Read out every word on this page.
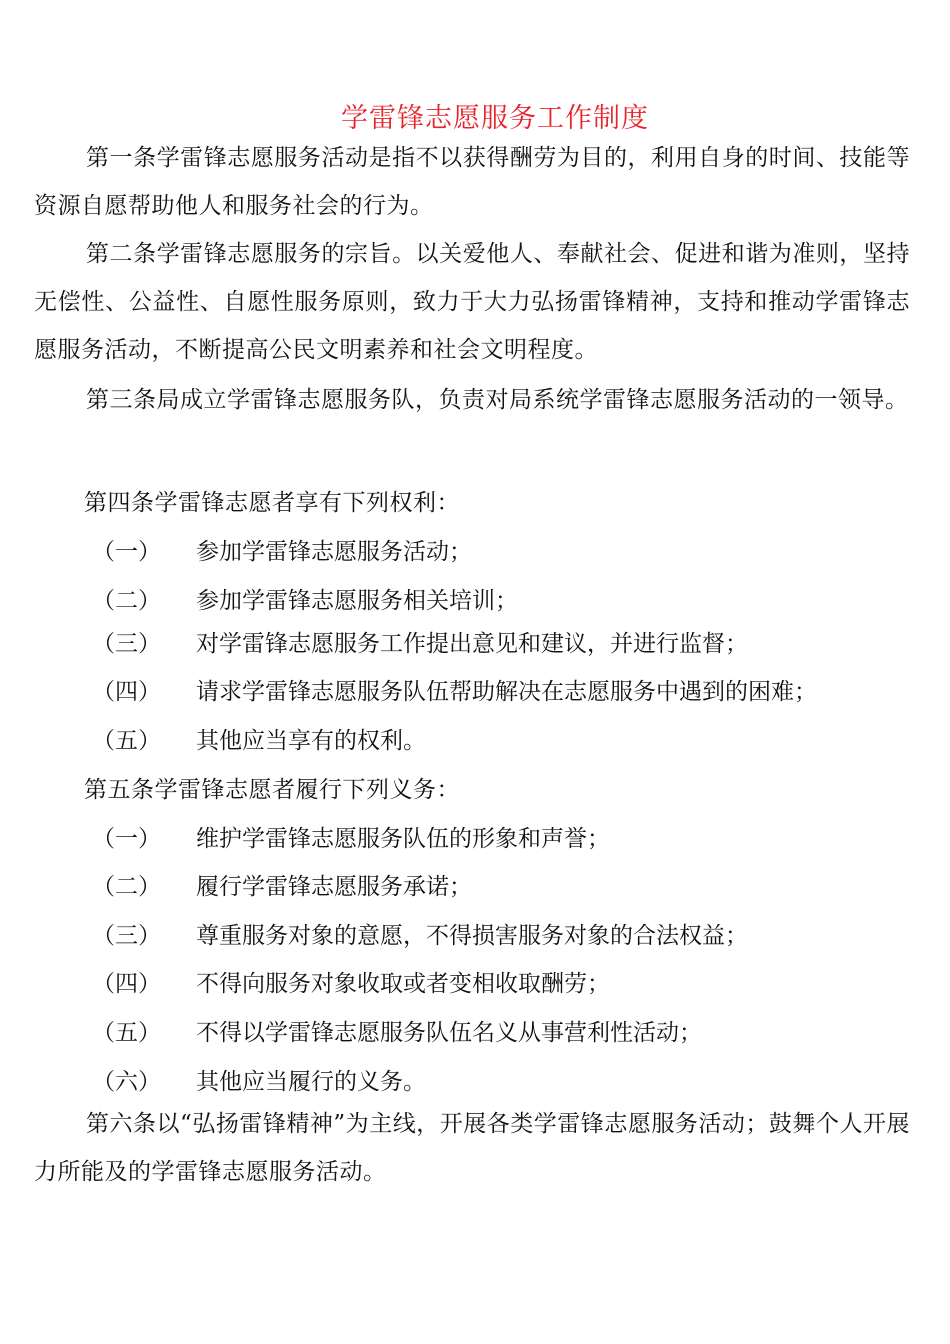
学雷锋志愿服务工作制度
第一条学雷锋志愿服务活动是指不以获得酬劳为目的，利用自身的时间、技能等资源自愿帮助他人和服务社会的行为。
第二条学雷锋志愿服务的宗旨。以关爱他人、奉献社会、促进和谐为准则，坚持无偿性、公益性、自愿性服务原则，致力于大力弘扬雷锋精神，支持和推动学雷锋志愿服务活动，不断提高公民文明素养和社会文明程度。
第三条局成立学雷锋志愿服务队，负责对局系统学雷锋志愿服务活动的一领导。
第四条学雷锋志愿者享有下列权利：
（一） 参加学雷锋志愿服务活动；
（二） 参加学雷锋志愿服务相关培训；
（三） 对学雷锋志愿服务工作提出意见和建议，并进行监督；
（四） 请求学雷锋志愿服务队伍帮助解决在志愿服务中遇到的困难；
（五） 其他应当享有的权利。
第五条学雷锋志愿者履行下列义务：
（一） 维护学雷锋志愿服务队伍的形象和声誉；
（二） 履行学雷锋志愿服务承诺；
（三） 尊重服务对象的意愿，不得损害服务对象的合法权益；
（四） 不得向服务对象收取或者变相收取酬劳；
（五） 不得以学雷锋志愿服务队伍名义从事营利性活动；
（六） 其他应当履行的义务。
第六条以“弘扬雷锋精神”为主线，开展各类学雷锋志愿服务活动；鼓舞个人开展力所能及的学雷锋志愿服务活动。
